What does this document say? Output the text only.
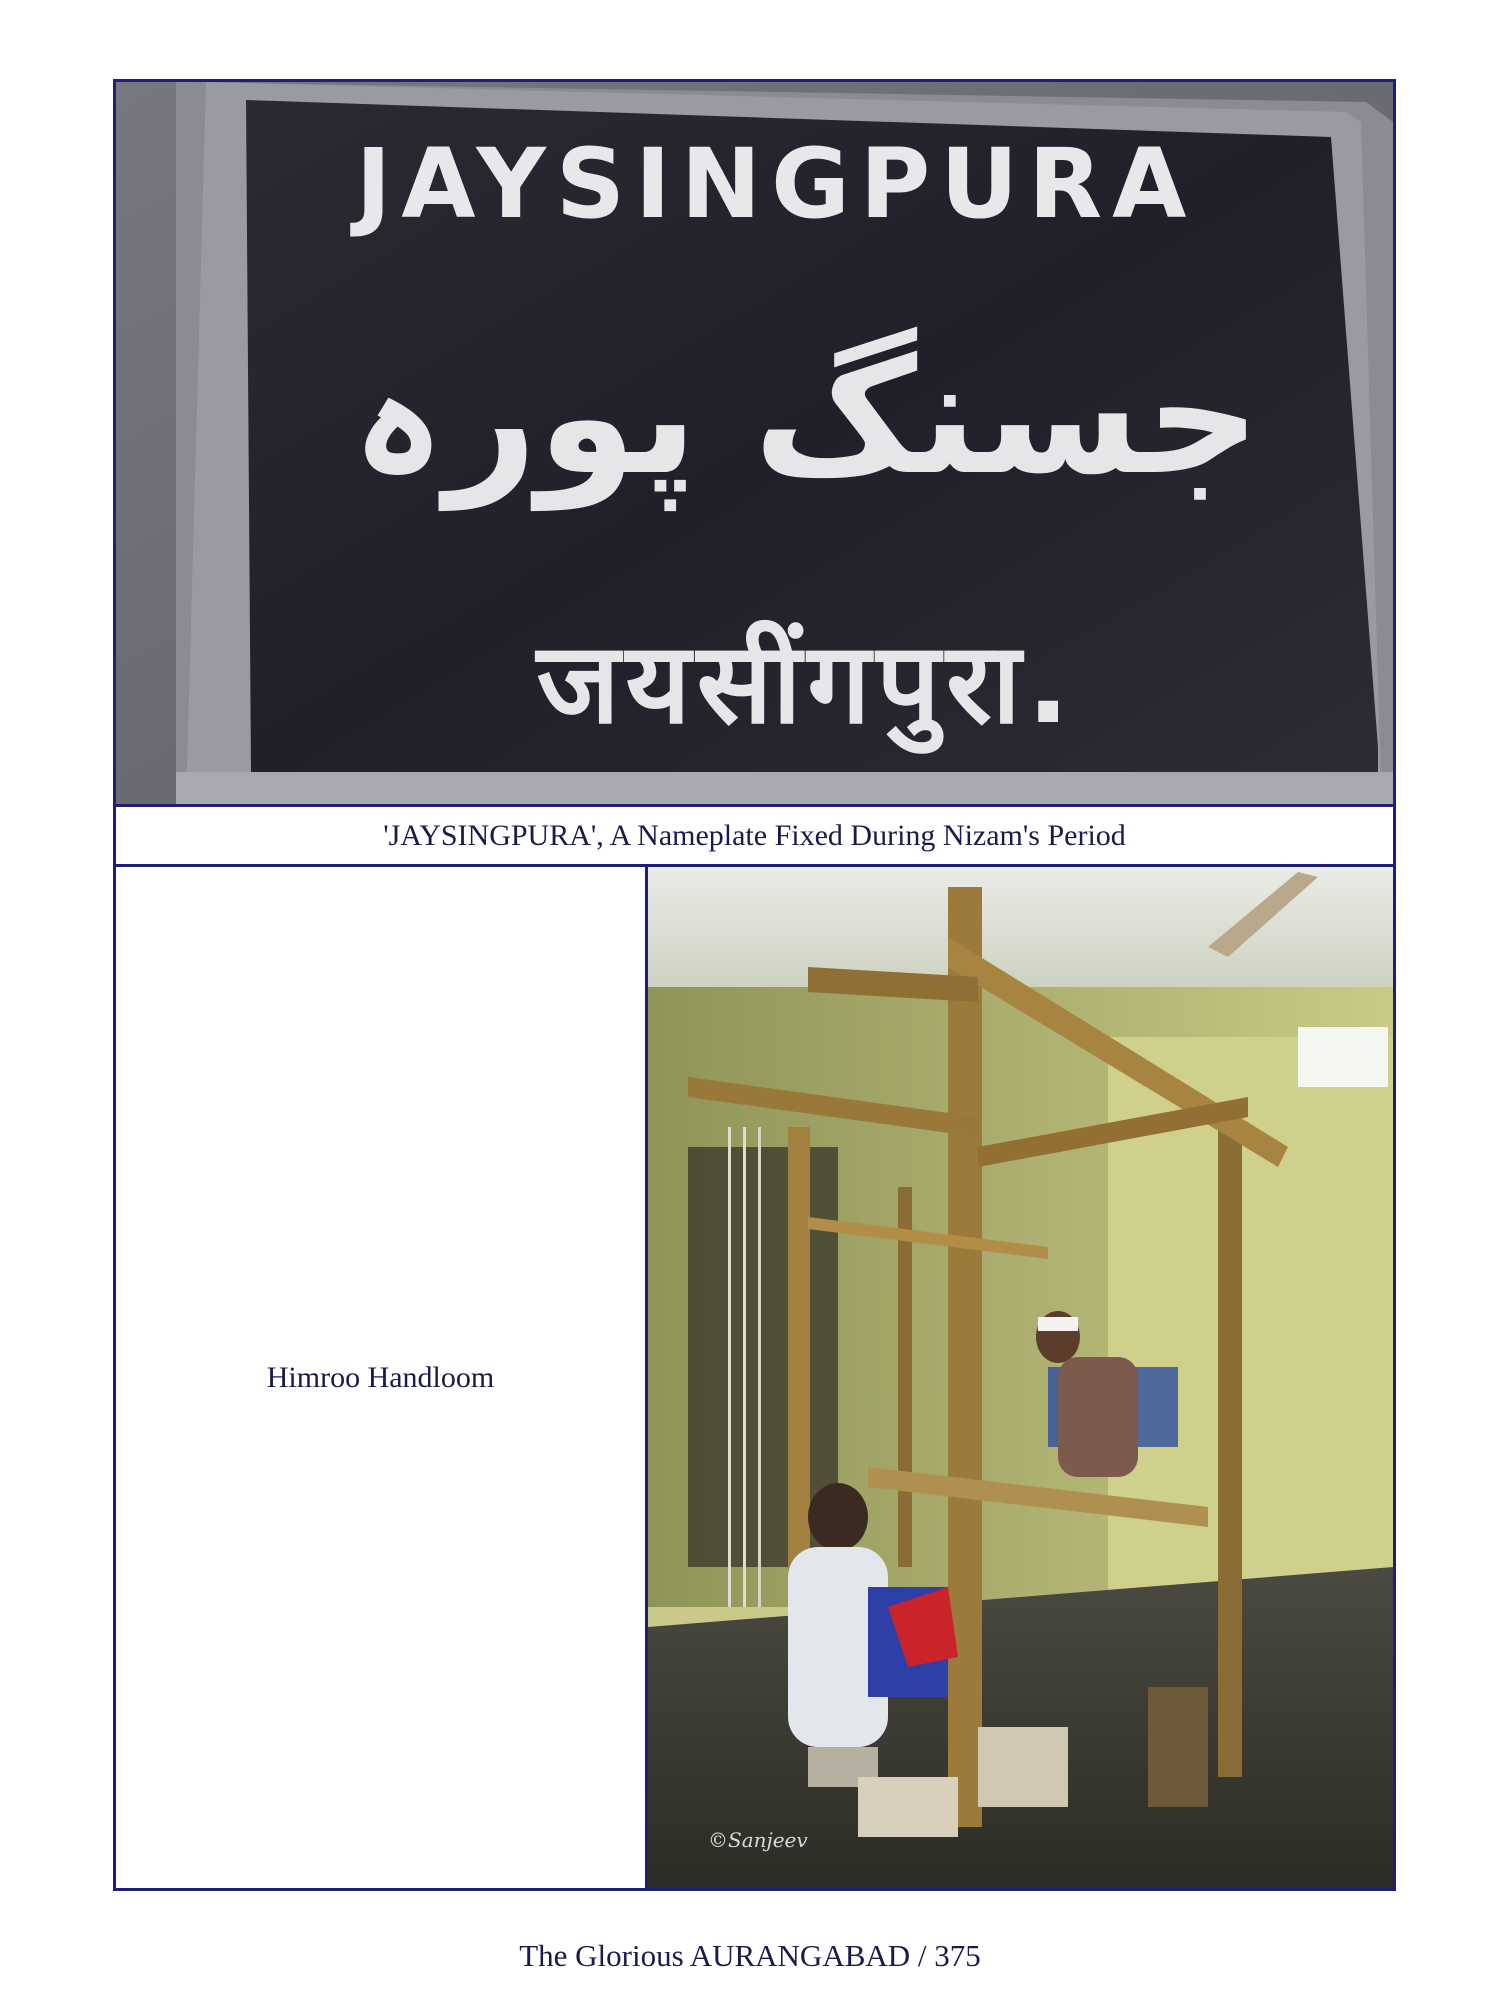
JAYSINGPURA
جسنگ پورہ
जयसींगपुरा.
'JAYSINGPURA', A Nameplate Fixed During Nizam's Period
Himroo Handloom
©Sanjeev
The Glorious AURANGABAD / 375
